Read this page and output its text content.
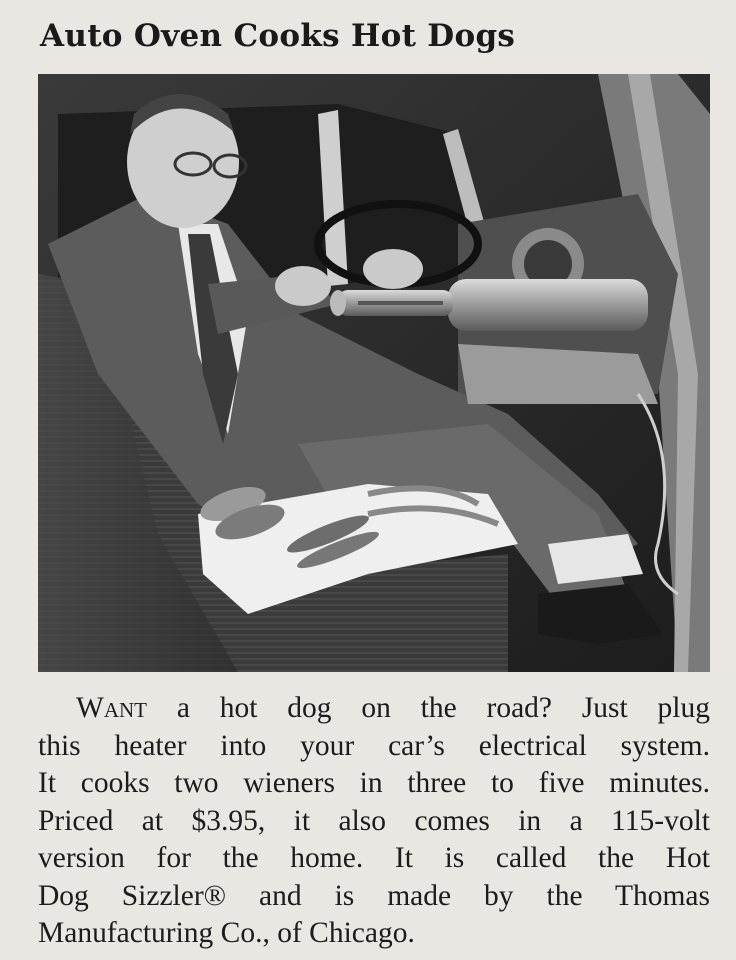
Auto Oven Cooks Hot Dogs

Want a hot dog on the road? Just plug
this heater into your car’s electrical system.
It cooks two wieners in three to five minutes.
Priced at $3.95, it also comes in a 115-volt
version for the home. It is called the Hot
Dog Sizzler® and is made by the Thomas
Manufacturing Co., of Chicago.
